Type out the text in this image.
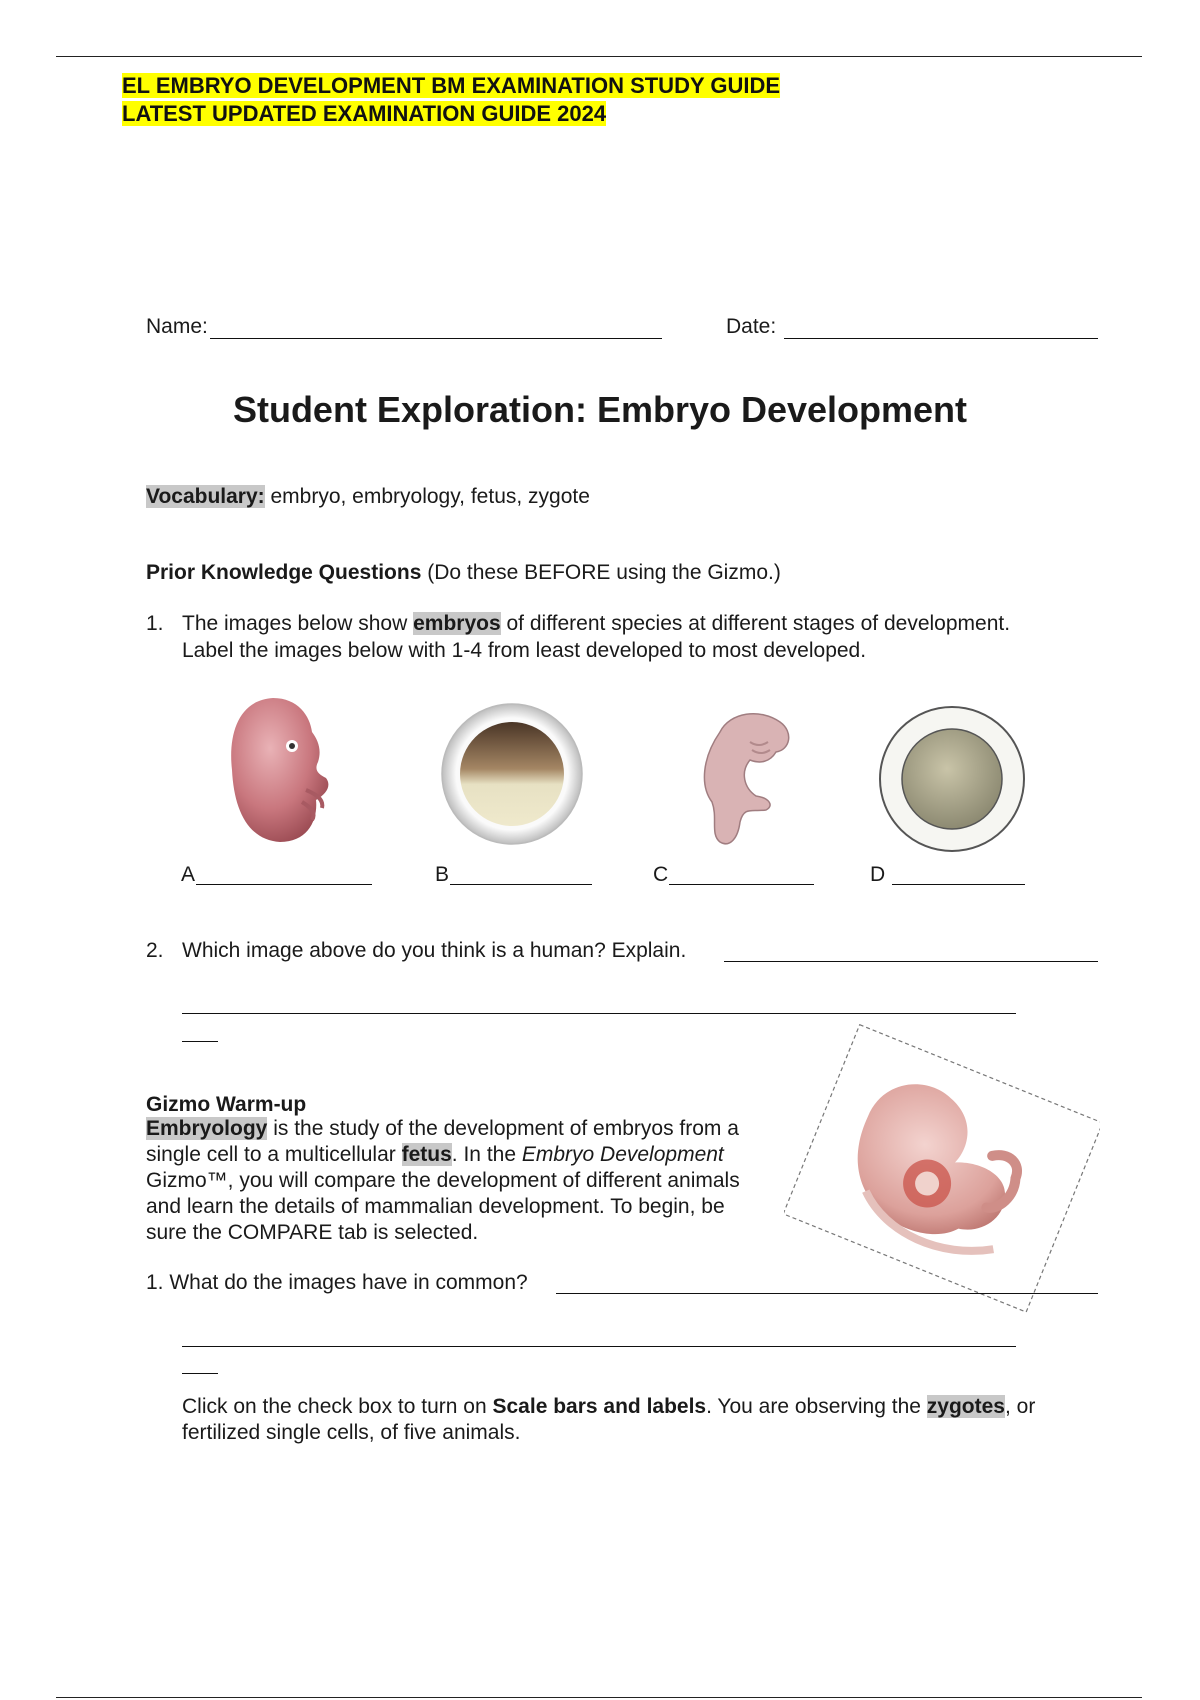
EL EMBRYO DEVELOPMENT BM EXAMINATION STUDY GUIDE
LATEST UPDATED EXAMINATION GUIDE 2024
Name:	Date:
Student Exploration: Embryo Development
Vocabulary: embryo, embryology, fetus, zygote
Prior Knowledge Questions (Do these BEFORE using the Gizmo.)
1. The images below show embryos of different species at different stages of development.
Label the images below with 1-4 from least developed to most developed.
A	B	C	D
2. Which image above do you think is a human? Explain.
Gizmo Warm-up
Embryology is the study of the development of embryos from a
single cell to a multicellular fetus. In the Embryo Development
Gizmo™, you will compare the development of different animals
and learn the details of mammalian development. To begin, be
sure the COMPARE tab is selected.
1. What do the images have in common?
Click on the check box to turn on Scale bars and labels. You are observing the zygotes, or
fertilized single cells, of five animals.
